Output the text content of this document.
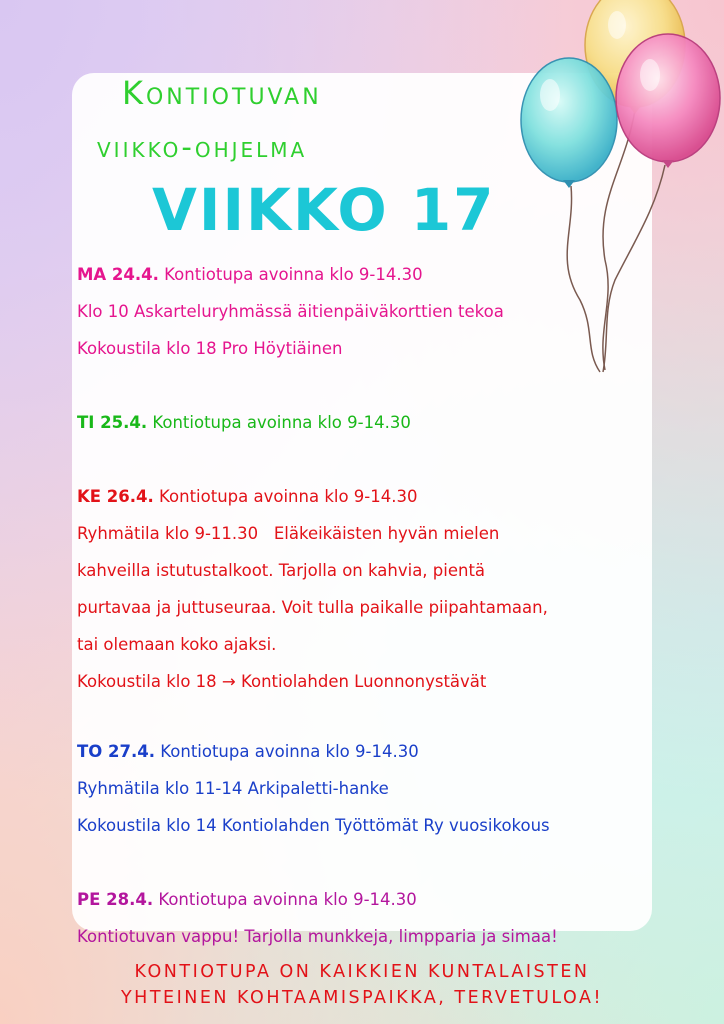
Kontiotuvan
viikko-ohjelma
VIIKKO 17

MA 24.4. Kontiotupa avoinna klo 9-14.30

Klo 10 Askarteluryhmässä äitienpäiväkorttien tekoa

Kokoustila klo 18 Pro Höytiäinen

TI 25.4. Kontiotupa avoinna klo 9-14.30

KE 26.4. Kontiotupa avoinna klo 9-14.30

Ryhmätila klo 9-11.30   Eläkeikäisten hyvän mielen

kahveilla istutustalkoot. Tarjolla on kahvia, pientä

purtavaa ja juttuseuraa. Voit tulla paikalle piipahtamaan,

tai olemaan koko ajaksi.

Kokoustila klo 18 → Kontiolahden Luonnonystävät

TO 27.4. Kontiotupa avoinna klo 9-14.30

Ryhmätila klo 11-14 Arkipaletti-hanke

Kokoustila klo 14 Kontiolahden Työttömät Ry vuosikokous

PE 28.4. Kontiotupa avoinna klo 9-14.30

Kontiotuvan vappu! Tarjolla munkkeja, limpparia ja simaa!

KONTIOTUPA ON KAIKKIEN KUNTALAISTEN

YHTEINEN KOHTAAMISPAIKKA, TERVETULOA!
